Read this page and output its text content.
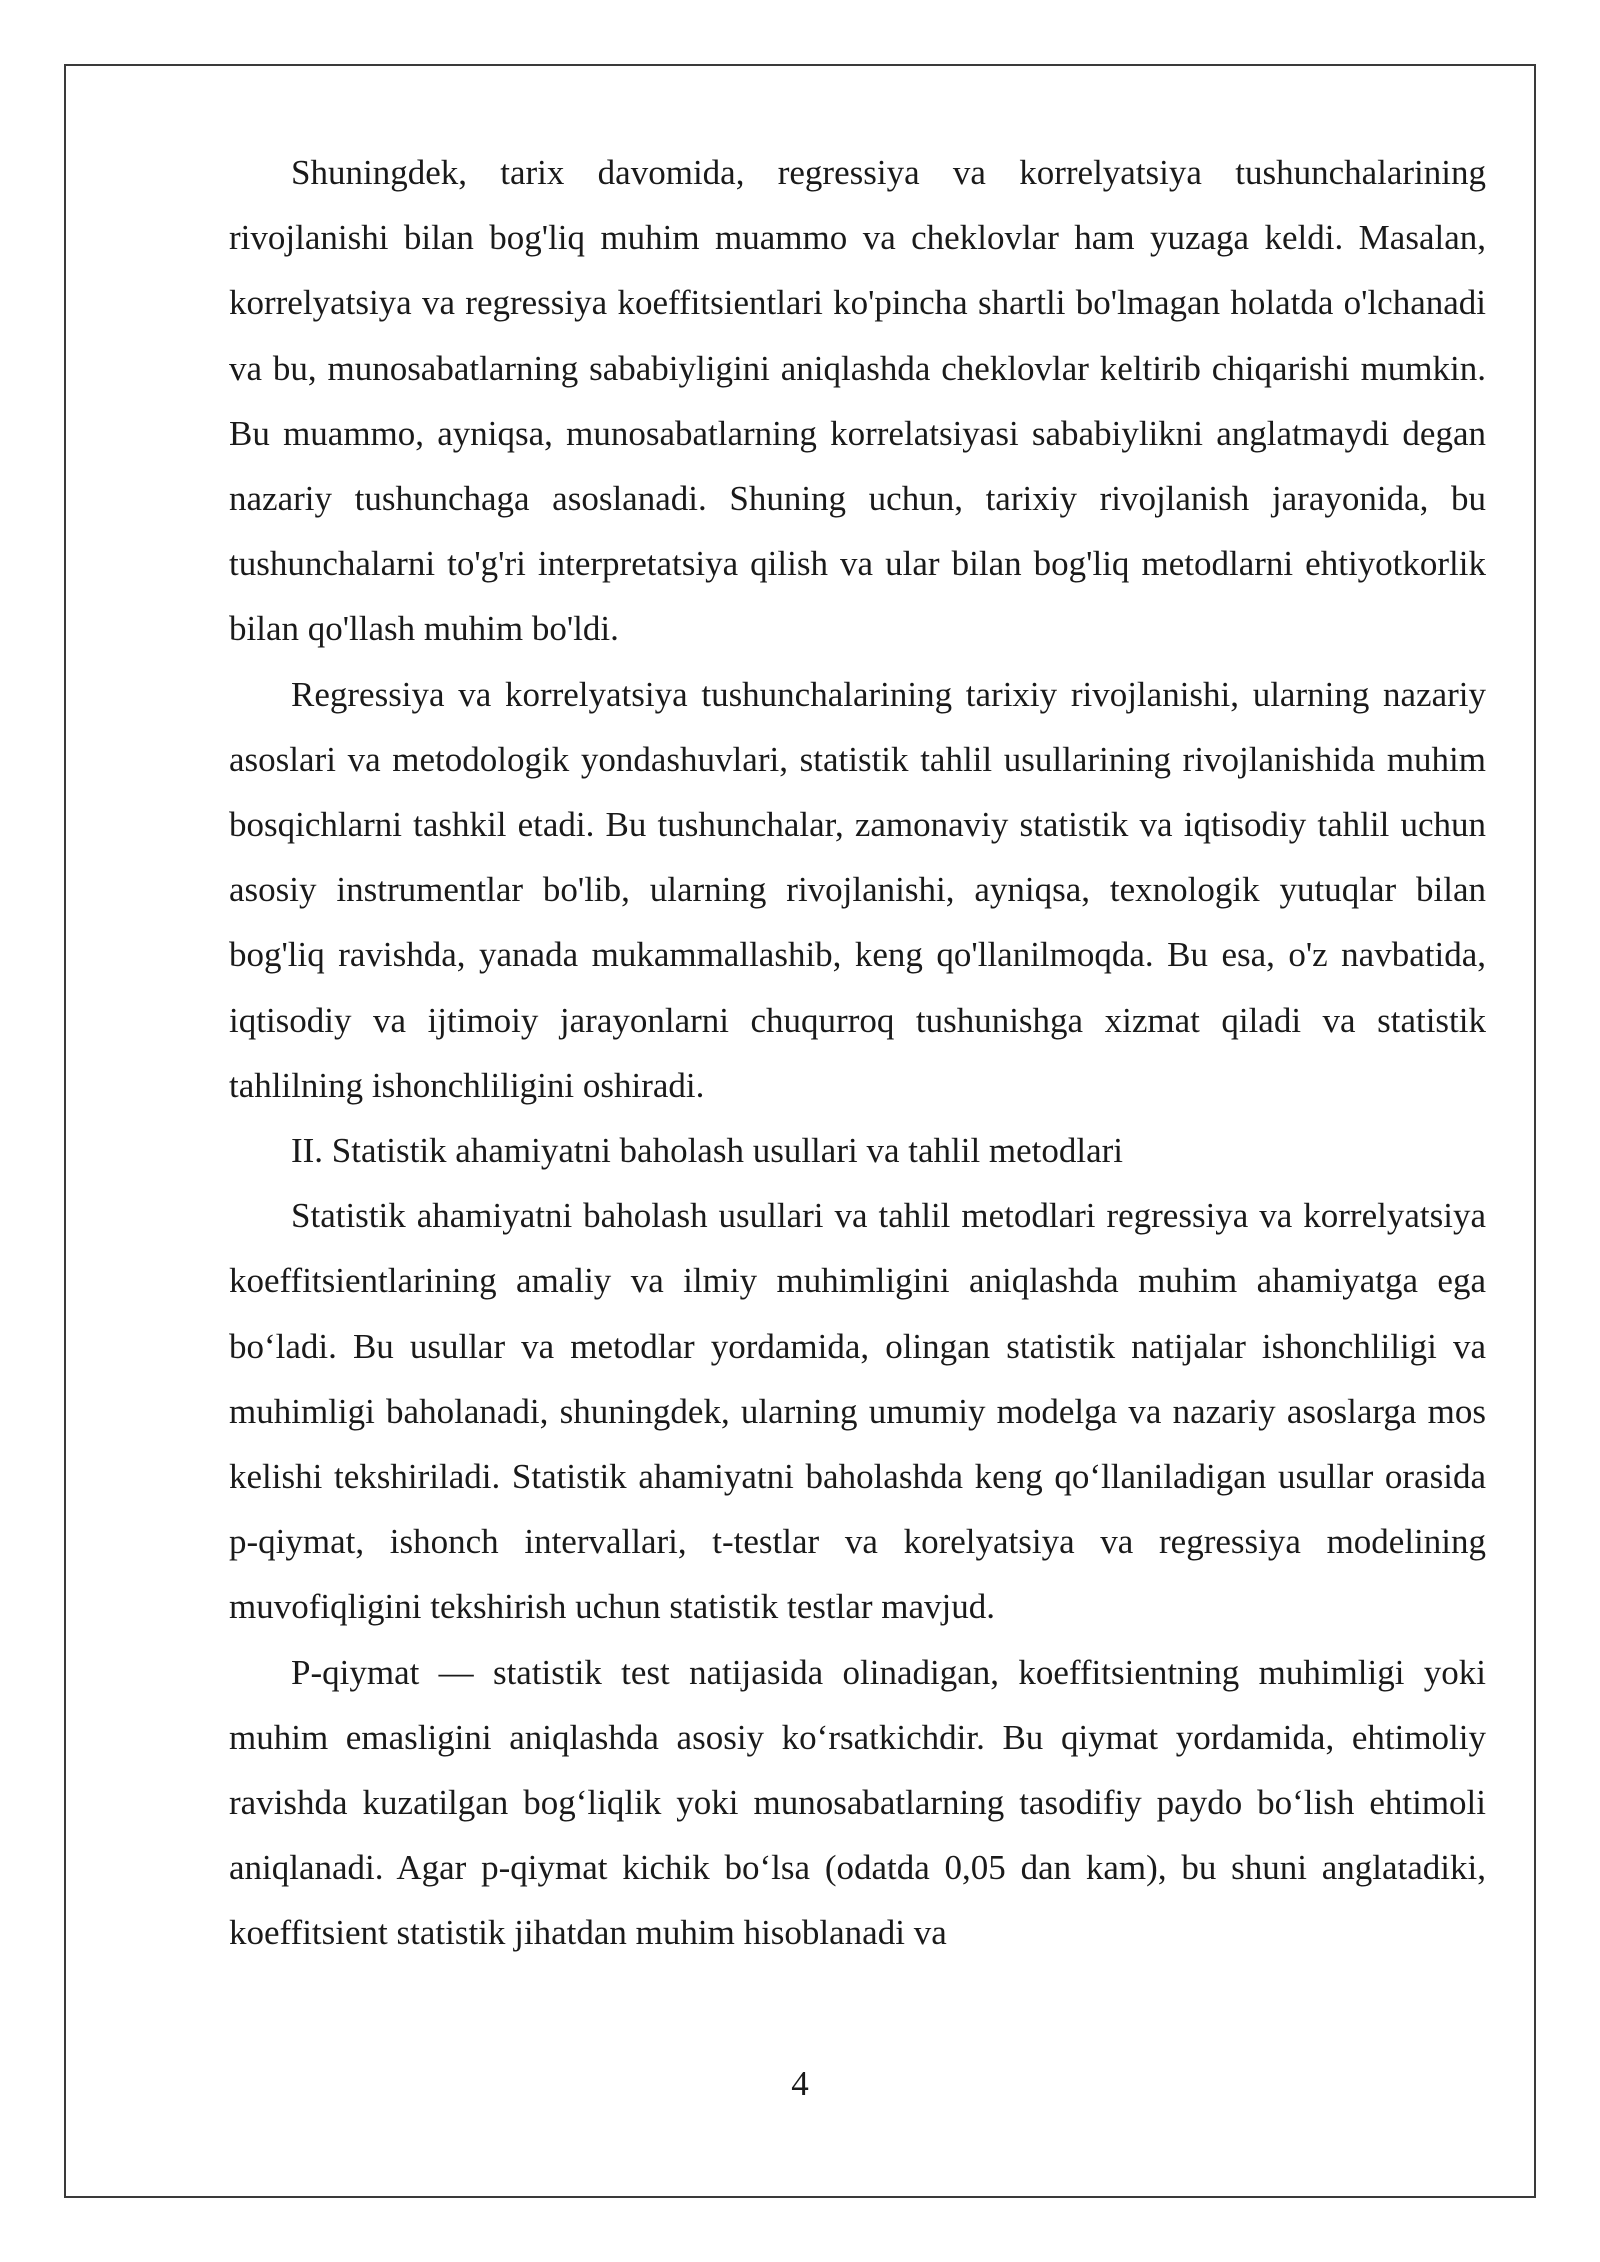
Shuningdek, tarix davomida, regressiya va korrelyatsiya tushunchalarining rivojlanishi bilan bog'liq muhim muammo va cheklovlar ham yuzaga keldi. Masalan, korrelyatsiya va regressiya koeffitsientlari ko'pincha shartli bo'lmagan holatda o'lchanadi va bu, munosabatlarning sababiyligini aniqlashda cheklovlar keltirib chiqarishi mumkin. Bu muammo, ayniqsa, munosabatlarning korrelatsiyasi sababiylikni anglatmaydi degan nazariy tushunchaga asoslanadi. Shuning uchun, tarixiy rivojlanish jarayonida, bu tushunchalarni to'g'ri interpretatsiya qilish va ular bilan bog'liq metodlarni ehtiyotkorlik bilan qo'llash muhim bo'ldi.

Regressiya va korrelyatsiya tushunchalarining tarixiy rivojlanishi, ularning nazariy asoslari va metodologik yondashuvlari, statistik tahlil usullarining rivojlanishida muhim bosqichlarni tashkil etadi. Bu tushunchalar, zamonaviy statistik va iqtisodiy tahlil uchun asosiy instrumentlar bo'lib, ularning rivojlanishi, ayniqsa, texnologik yutuqlar bilan bog'liq ravishda, yanada mukammallashib, keng qo'llanilmoqda. Bu esa, o'z navbatida, iqtisodiy va ijtimoiy jarayonlarni chuqurroq tushunishga xizmat qiladi va statistik tahlilning ishonchliligini oshiradi.

II. Statistik ahamiyatni baholash usullari va tahlil metodlari

Statistik ahamiyatni baholash usullari va tahlil metodlari regressiya va korrelyatsiya koeffitsientlarining amaliy va ilmiy muhimligini aniqlashda muhim ahamiyatga ega bo‘ladi. Bu usullar va metodlar yordamida, olingan statistik natijalar ishonchliligi va muhimligi baholanadi, shuningdek, ularning umumiy modelga va nazariy asoslarga mos kelishi tekshiriladi. Statistik ahamiyatni baholashda keng qo‘llaniladigan usullar orasida p-qiymat, ishonch intervallari, t-testlar va korelyatsiya va regressiya modelining muvofiqligini tekshirish uchun statistik testlar mavjud.

P-qiymat — statistik test natijasida olinadigan, koeffitsientning muhimligi yoki muhim emasligini aniqlashda asosiy ko‘rsatkichdir. Bu qiymat yordamida, ehtimoliy ravishda kuzatilgan bog‘liqlik yoki munosabatlarning tasodifiy paydo bo‘lish ehtimoli aniqlanadi. Agar p-qiymat kichik bo‘lsa (odatda 0,05 dan kam), bu shuni anglatadiki, koeffitsient statistik jihatdan muhim hisoblanadi va

4
